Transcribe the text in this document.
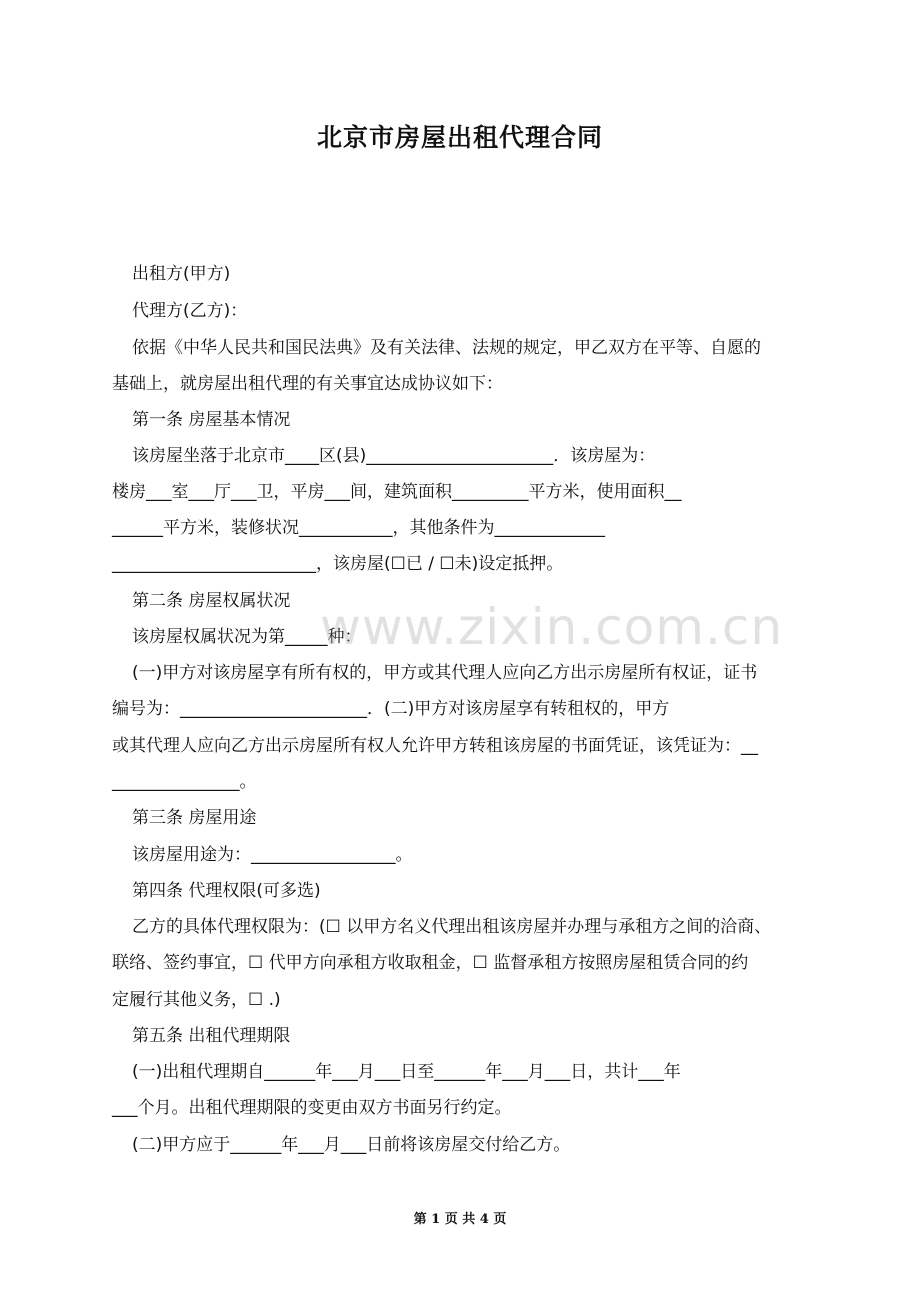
北京市房屋出租代理合同
出租方(甲方)
代理方(乙方)：
依据《中华人民共和国民法典》及有关法律、法规的规定，甲乙双方在平等、自愿的
基础上，就房屋出租代理的有关事宜达成协议如下：
第一条 房屋基本情况
该房屋坐落于北京市____区(县)______________________．该房屋为：
楼房___室___厅___卫，平房___间，建筑面积_________平方米，使用面积__
______平方米，装修状况___________，其他条件为_____________
________________________，该房屋(☐已 / ☐未)设定抵押。
第二条 房屋权属状况
该房屋权属状况为第_____种：
(一)甲方对该房屋享有所有权的，甲方或其代理人应向乙方出示房屋所有权证，证书
编号为：______________________．(二)甲方对该房屋享有转租权的，甲方
或其代理人应向乙方出示房屋所有权人允许甲方转租该房屋的书面凭证，该凭证为：__
_______________。
第三条 房屋用途
该房屋用途为：_________________。
第四条 代理权限(可多选)
乙方的具体代理权限为：(☐ 以甲方名义代理出租该房屋并办理与承租方之间的洽商、
联络、签约事宜，☐ 代甲方向承租方收取租金，☐ 监督承租方按照房屋租赁合同的约
定履行其他义务，☐ .)
第五条 出租代理期限
(一)出租代理期自______年___月___日至______年___月___日，共计___年
___个月。出租代理期限的变更由双方书面另行约定。
(二)甲方应于______年___月___日前将该房屋交付给乙方。
www.zixin.com.cn
第 1 页 共 4 页
